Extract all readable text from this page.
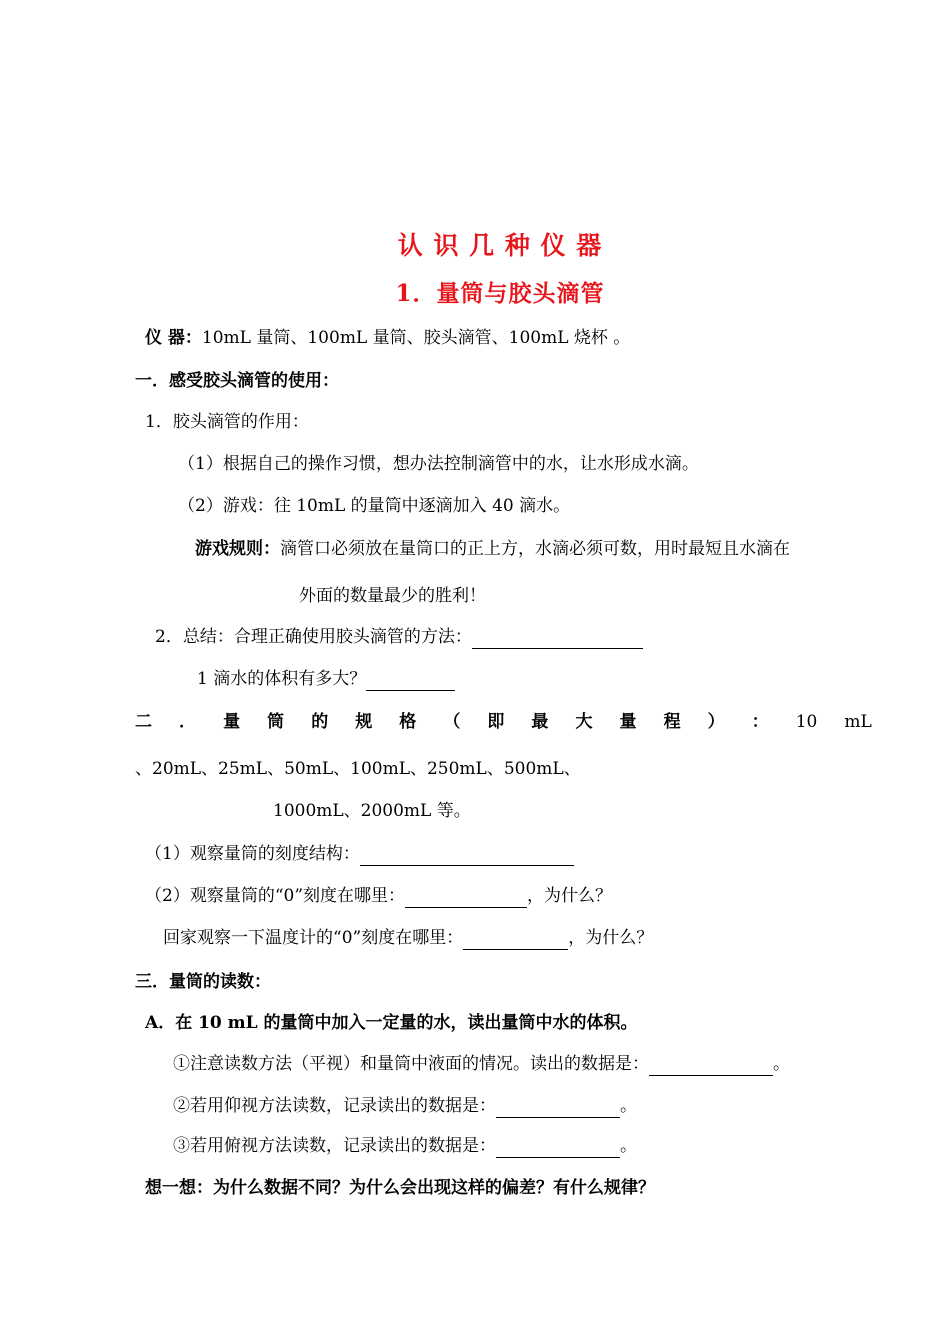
认 识 几 种 仪 器
1．量筒与胶头滴管
仪 器：10mL 量筒、100mL 量筒、胶头滴管、100mL 烧杯 。
一．感受胶头滴管的使用：
1．胶头滴管的作用：
（1）根据自己的操作习惯，想办法控制滴管中的水，让水形成水滴。
（2）游戏：往 10mL 的量筒中逐滴加入 40 滴水。
游戏规则：滴管口必须放在量筒口的正上方，水滴必须可数，用时最短且水滴在
外面的数量最少的胜利！
2．总结：合理正确使用胶头滴管的方法：
1 滴水的体积有多大？
二 ． 量 筒 的 规 格 （ 即 最 大 量 程 ） ： 10 mL
、20mL、25mL、50mL、100mL、250mL、500mL、
1000mL、2000mL 等。
（1）观察量筒的刻度结构：
（2）观察量筒的“0”刻度在哪里：	，为什么？
回家观察一下温度计的“0”刻度在哪里：	，为什么？
三．量筒的读数：
A．在 10 mL 的量筒中加入一定量的水，读出量筒中水的体积。
①注意读数方法（平视）和量筒中液面的情况。读出的数据是：	。
②若用仰视方法读数，记录读出的数据是：	。
③若用俯视方法读数，记录读出的数据是：	。
想一想：为什么数据不同？为什么会出现这样的偏差？有什么规律？
